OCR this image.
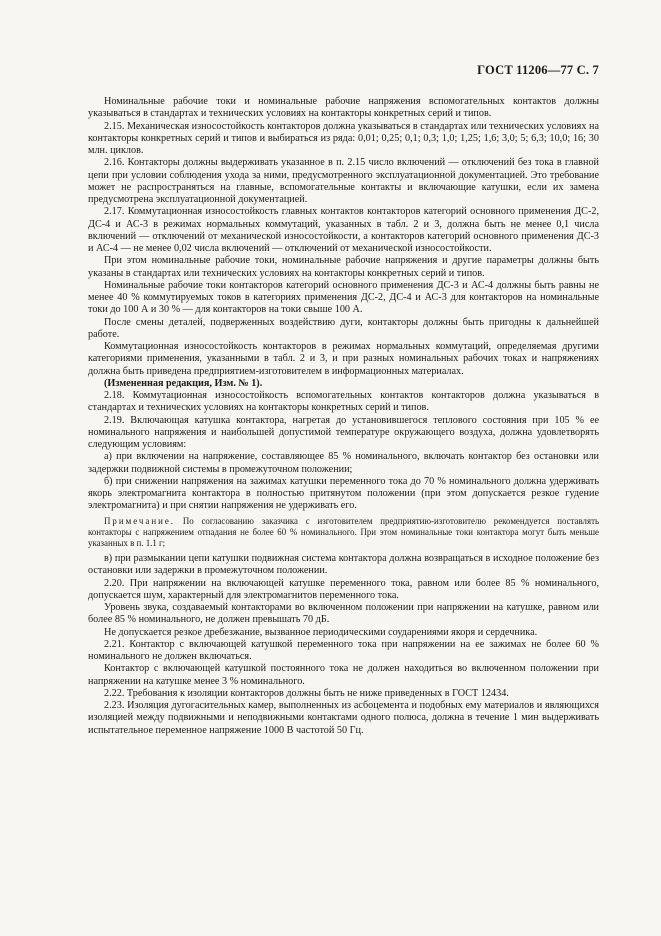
ГОСТ 11206—77 С. 7

Номинальные рабочие токи и номинальные рабочие напряжения вспомогательных контактов должны указываться в стандартах и технических условиях на контакторы конкретных серий и типов.

2.15. Механическая износостойкость контакторов должна указываться в стандартах или технических условиях на контакторы конкретных серий и типов и выбираться из ряда: 0,01; 0,25; 0,1; 0,3; 1,0; 1,25; 1,6; 3,0; 5; 6,3; 10,0; 16; 30 млн. циклов.

2.16. Контакторы должны выдерживать указанное в п. 2.15 число включений — отключений без тока в главной цепи при условии соблюдения ухода за ними, предусмотренного эксплуатационной документацией. Это требование может не распространяться на главные, вспомогательные контакты и включающие катушки, если их замена предусмотрена эксплуатационной документацией.

2.17. Коммутационная износостойкость главных контактов контакторов категорий основного применения ДС-2, ДС-4 и АС-3 в режимах нормальных коммутаций, указанных в табл. 2 и 3, должна быть не менее 0,1 числа включений — отключений от механической износостойкости, а контакторов категорий основного применения ДС-3 и АС-4 — не менее 0,02 числа включений — отключений от механической износостойкости.

При этом номинальные рабочие токи, номинальные рабочие напряжения и другие параметры должны быть указаны в стандартах или технических условиях на контакторы конкретных серий и типов.

Номинальные рабочие токи контакторов категорий основного применения ДС-3 и АС-4 должны быть равны не менее 40 % коммутируемых токов в категориях применения ДС-2, ДС-4 и АС-3 для контакторов на номинальные токи до 100 А и 30 % — для контакторов на токи свыше 100 А.

После смены деталей, подверженных воздействию дуги, контакторы должны быть пригодны к дальнейшей работе.

Коммутационная износостойкость контакторов в режимах нормальных коммутаций, определяемая другими категориями применения, указанными в табл. 2 и 3, и при разных номинальных рабочих токах и напряжениях должна быть приведена предприятием-изготовителем в информационных материалах.

(Измененная редакция, Изм. № 1).

2.18. Коммутационная износостойкость вспомогательных контактов контакторов должна указываться в стандартах и технических условиях на контакторы конкретных серий и типов.

2.19. Включающая катушка контактора, нагретая до установившегося теплового состояния при 105 % ее номинального напряжения и наибольшей допустимой температуре окружающего воздуха, должна удовлетворять следующим условиям:

а) при включении на напряжение, составляющее 85 % номинального, включать контактор без остановки или задержки подвижной системы в промежуточном положении;

б) при снижении напряжения на зажимах катушки переменного тока до 70 % номинального должна удерживать якорь электромагнита контактора в полностью притянутом положении (при этом допускается резкое гудение электромагнита) и при снятии напряжения не удерживать его.

Примечание. По согласованию заказчика с изготовителем предприятию-изготовителю рекомендуется поставлять контакторы с напряжением отпадания не более 60 % номинального. При этом номинальные токи контактора могут быть меньше указанных в п. 1.1 г;

в) при размыкании цепи катушки подвижная система контактора должна возвращаться в исходное положение без остановки или задержки в промежуточном положении.

2.20. При напряжении на включающей катушке переменного тока, равном или более 85 % номинального, допускается шум, характерный для электромагнитов переменного тока.

Уровень звука, создаваемый контакторами во включенном положении при напряжении на катушке, равном или более 85 % номинального, не должен превышать 70 дБ.

Не допускается резкое дребезжание, вызванное периодическими соударениями якоря и сердечника.

2.21. Контактор с включающей катушкой переменного тока при напряжении на ее зажимах не более 60 % номинального не должен включаться.

Контактор с включающей катушкой постоянного тока не должен находиться во включенном положении при напряжении на катушке менее 3 % номинального.

2.22. Требования к изоляции контакторов должны быть не ниже приведенных в ГОСТ 12434.

2.23. Изоляция дугогасительных камер, выполненных из асбоцемента и подобных ему материалов и являющихся изоляцией между подвижными и неподвижными контактами одного полюса, должна в течение 1 мин выдерживать испытательное переменное напряжение 1000 В частотой 50 Гц.
